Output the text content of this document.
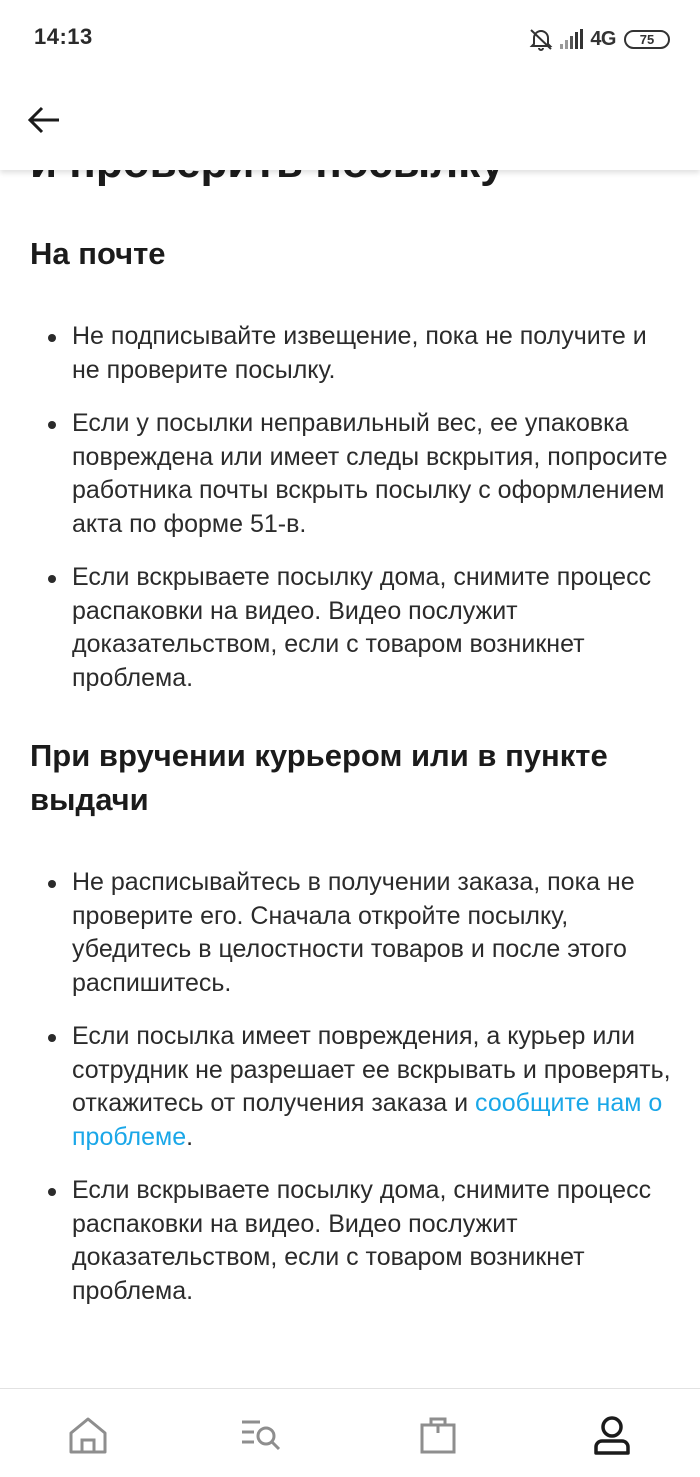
14:13	4G 75
На почте
Не подписывайте извещение, пока не получите и не проверите посылку.
Если у посылки неправильный вес, ее упаковка повреждена или имеет следы вскрытия, попросите работника почты вскрыть посылку с оформлением акта по форме 51-в.
Если вскрываете посылку дома, снимите процесс распаковки на видео. Видео послужит доказательством, если с товаром возникнет проблема.
При вручении курьером или в пункте выдачи
Не расписывайтесь в получении заказа, пока не проверите его. Сначала откройте посылку, убедитесь в целостности товаров и после этого распишитесь.
Если посылка имеет повреждения, а курьер или сотрудник не разрешает ее вскрывать и проверять, откажитесь от получения заказа и сообщите нам о проблеме.
Если вскрываете посылку дома, снимите процесс распаковки на видео. Видео послужит доказательством, если с товаром возникнет проблема.
